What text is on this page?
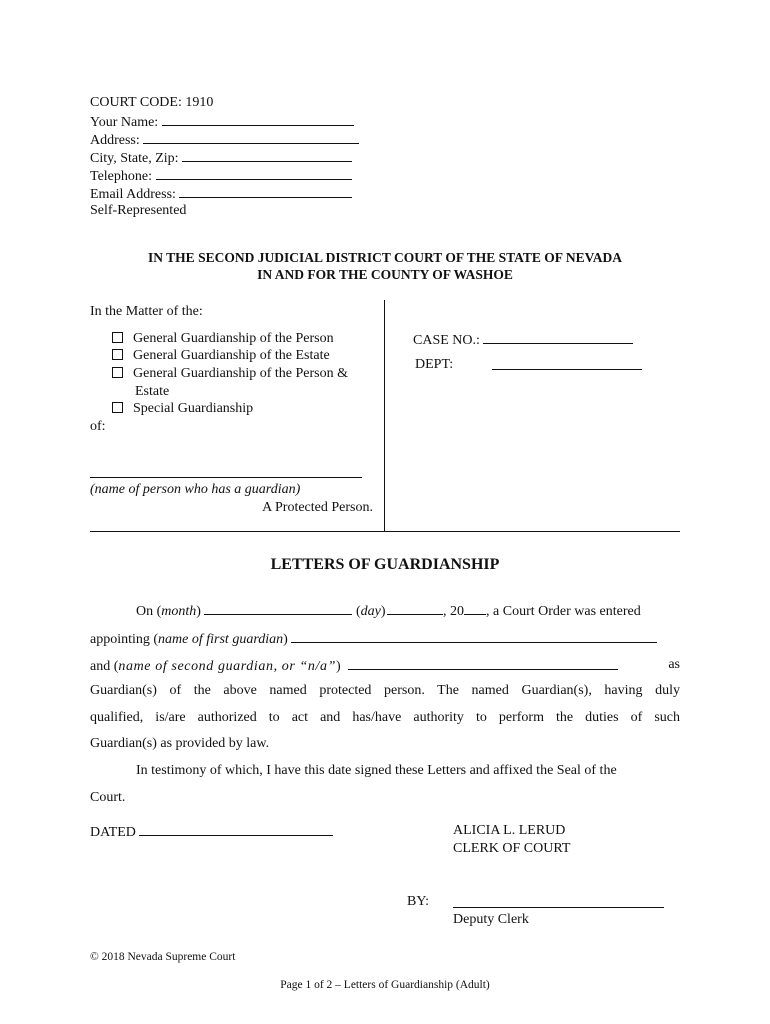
COURT CODE: 1910
Your Name:
Address:
City, State, Zip:
Telephone:
Email Address:
Self-Represented
IN THE SECOND JUDICIAL DISTRICT COURT OF THE STATE OF NEVADA
IN AND FOR THE COUNTY OF WASHOE
In the Matter of the:
General Guardianship of the Person
General Guardianship of the Estate
General Guardianship of the Person &
Estate
Special Guardianship
of:
(name of person who has a guardian)
A Protected Person.
CASE NO.:
DEPT:
LETTERS OF GUARDIANSHIP
On (month)	(day)	, 20 , a Court Order was entered
appointing (name of first guardian)
and (name of second guardian, or “n/a”)	as
Guardian(s) of the above named protected person. The named Guardian(s), having duly
qualified, is/are authorized to act and has/have authority to perform the duties of such
Guardian(s) as provided by law.
In testimony of which, I have this date signed these Letters and affixed the Seal of the
Court.
DATED	ALICIA L. LERUD
CLERK OF COURT
BY:
Deputy Clerk
© 2018 Nevada Supreme Court
Page 1 of 2 – Letters of Guardianship (Adult)
